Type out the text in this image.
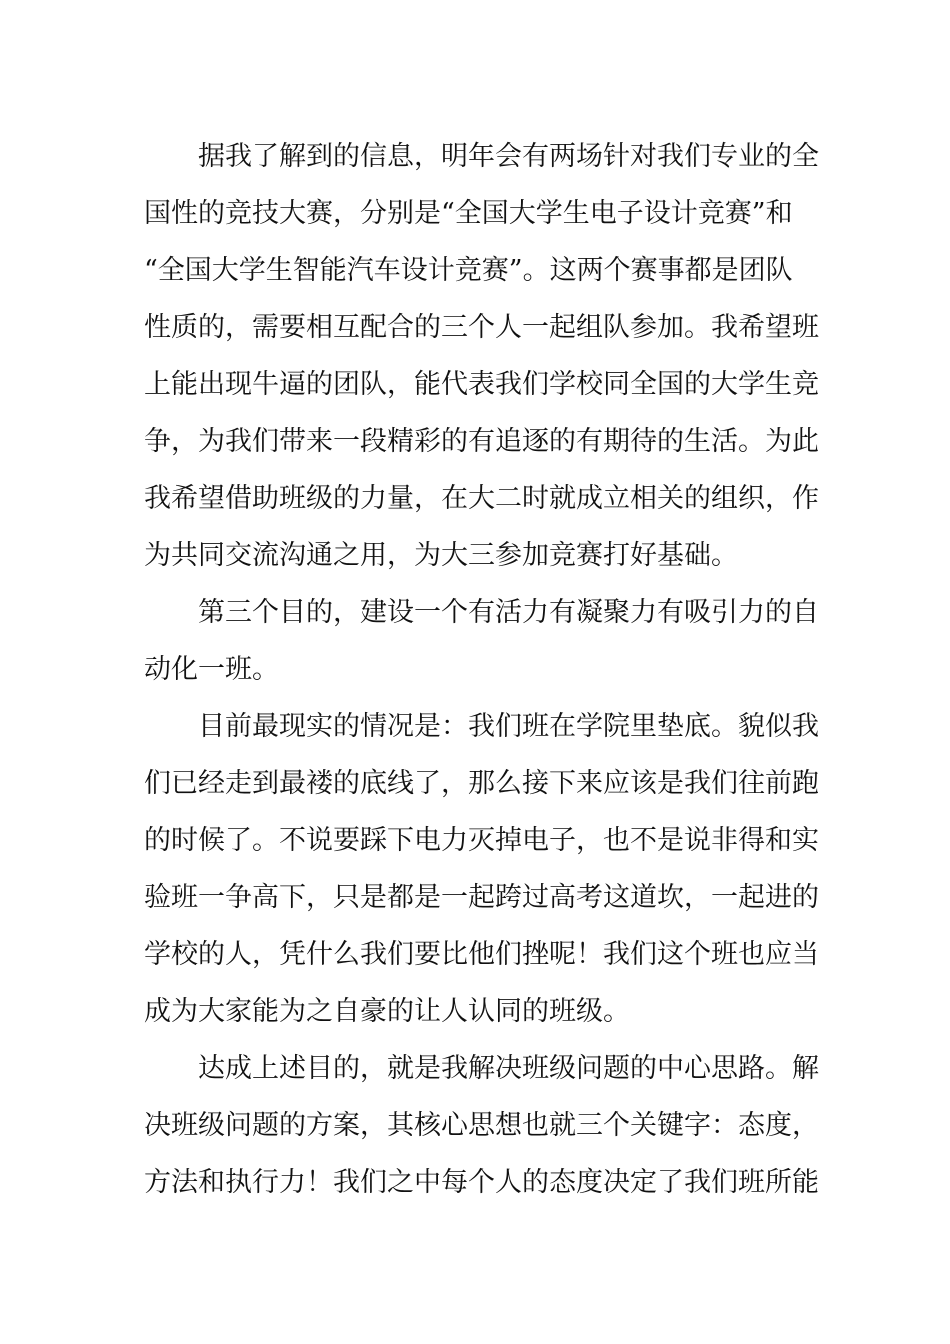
据我了解到的信息，明年会有两场针对我们专业的全
国性的竞技大赛，分别是“全国大学生电子设计竞赛”和
“全国大学生智能汽车设计竞赛”。这两个赛事都是团队
性质的，需要相互配合的三个人一起组队参加。我希望班
上能出现牛逼的团队，能代表我们学校同全国的大学生竞
争，为我们带来一段精彩的有追逐的有期待的生活。为此
我希望借助班级的力量，在大二时就成立相关的组织，作
为共同交流沟通之用，为大三参加竞赛打好基础。

第三个目的，建设一个有活力有凝聚力有吸引力的自
动化一班。

目前最现实的情况是：我们班在学院里垫底。貌似我
们已经走到最褛的底线了，那么接下来应该是我们往前跑
的时候了。不说要踩下电力灭掉电子，也不是说非得和实
验班一争高下，只是都是一起跨过高考这道坎，一起进的
学校的人，凭什么我们要比他们挫呢！我们这个班也应当
成为大家能为之自豪的让人认同的班级。

达成上述目的，就是我解决班级问题的中心思路。解
决班级问题的方案，其核心思想也就三个关键字：态度，
方法和执行力！我们之中每个人的态度决定了我们班所能
